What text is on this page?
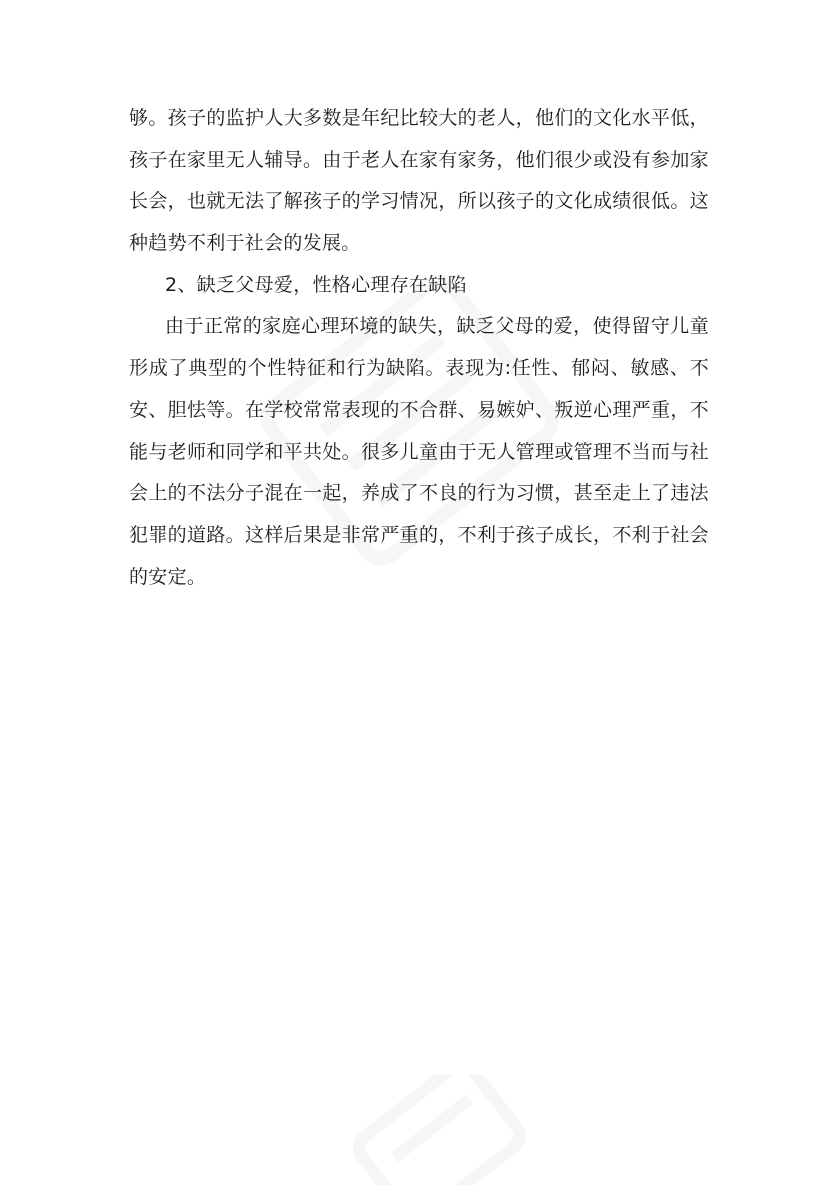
够。孩子的监护人大多数是年纪比较大的老人，他们的文化水平低，
孩子在家里无人辅导。由于老人在家有家务，他们很少或没有参加家
长会，也就无法了解孩子的学习情况，所以孩子的文化成绩很低。这
种趋势不利于社会的发展。
2、缺乏父母爱，性格心理存在缺陷
由于正常的家庭心理环境的缺失，缺乏父母的爱，使得留守儿童
形成了典型的个性特征和行为缺陷。表现为:任性、郁闷、敏感、不
安、胆怯等。在学校常常表现的不合群、易嫉妒、叛逆心理严重，不
能与老师和同学和平共处。很多儿童由于无人管理或管理不当而与社
会上的不法分子混在一起，养成了不良的行为习惯，甚至走上了违法
犯罪的道路。这样后果是非常严重的，不利于孩子成长，不利于社会
的安定。
